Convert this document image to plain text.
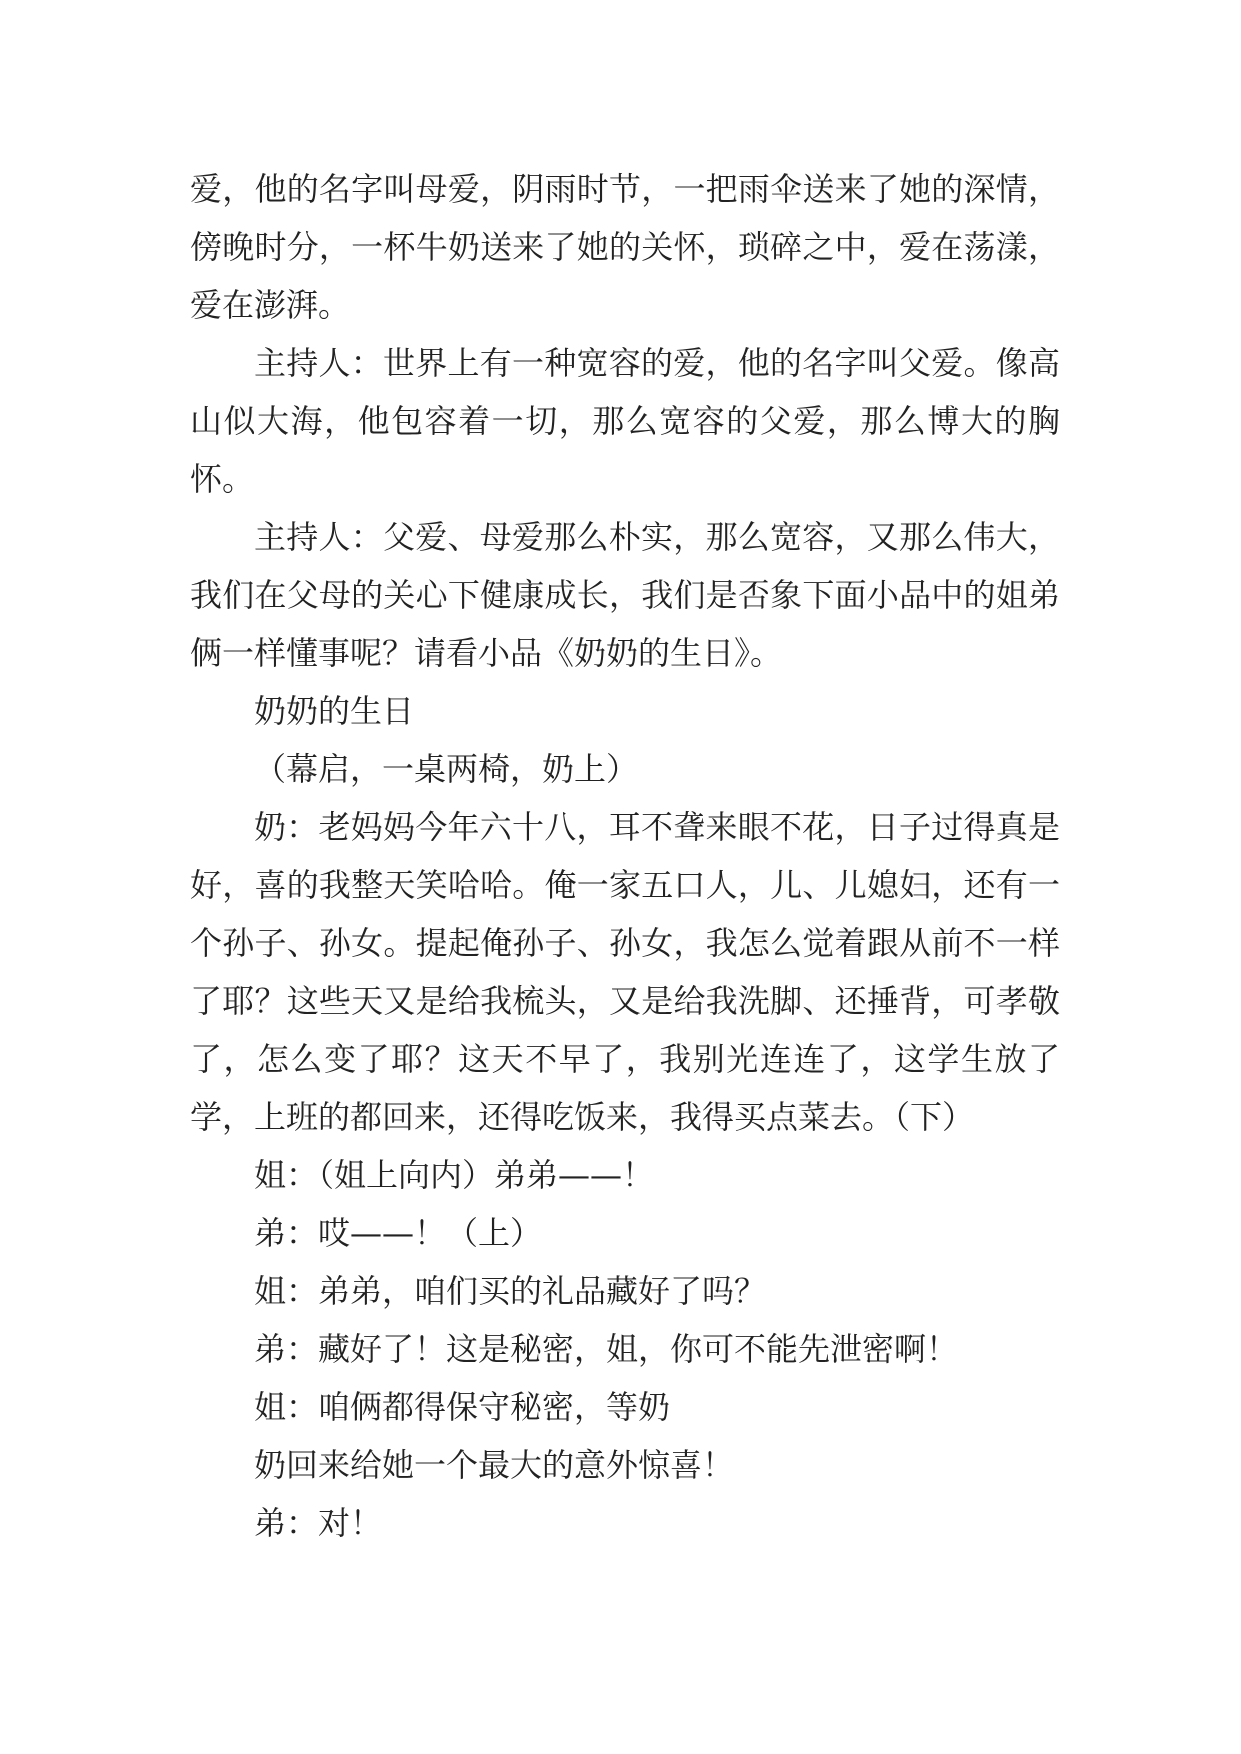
爱，他的名字叫母爱，阴雨时节，一把雨伞送来了她的深情，傍晚时分，一杯牛奶送来了她的关怀，琐碎之中，爱在荡漾，爱在澎湃。

主持人：世界上有一种宽容的爱，他的名字叫父爱。像高山似大海，他包容着一切，那么宽容的父爱，那么博大的胸怀。

主持人：父爱、母爱那么朴实，那么宽容，又那么伟大，我们在父母的关心下健康成长，我们是否象下面小品中的姐弟俩一样懂事呢？请看小品《奶奶的生日》。

奶奶的生日

（幕启，一桌两椅，奶上）

奶：老妈妈今年六十八，耳不聋来眼不花，日子过得真是好，喜的我整天笑哈哈。俺一家五口人，儿、儿媳妇，还有一个孙子、孙女。提起俺孙子、孙女，我怎么觉着跟从前不一样了耶？这些天又是给我梳头，又是给我洗脚、还捶背，可孝敬了，怎么变了耶？这天不早了，我别光连连了，这学生放了学，上班的都回来，还得吃饭来，我得买点菜去。（下）

姐：（姐上向内）弟弟——！

弟：哎——！（上）

姐：弟弟，咱们买的礼品藏好了吗？

弟：藏好了！这是秘密，姐，你可不能先泄密啊！

姐：咱俩都得保守秘密，等奶

奶回来给她一个最大的意外惊喜！

弟：对！
